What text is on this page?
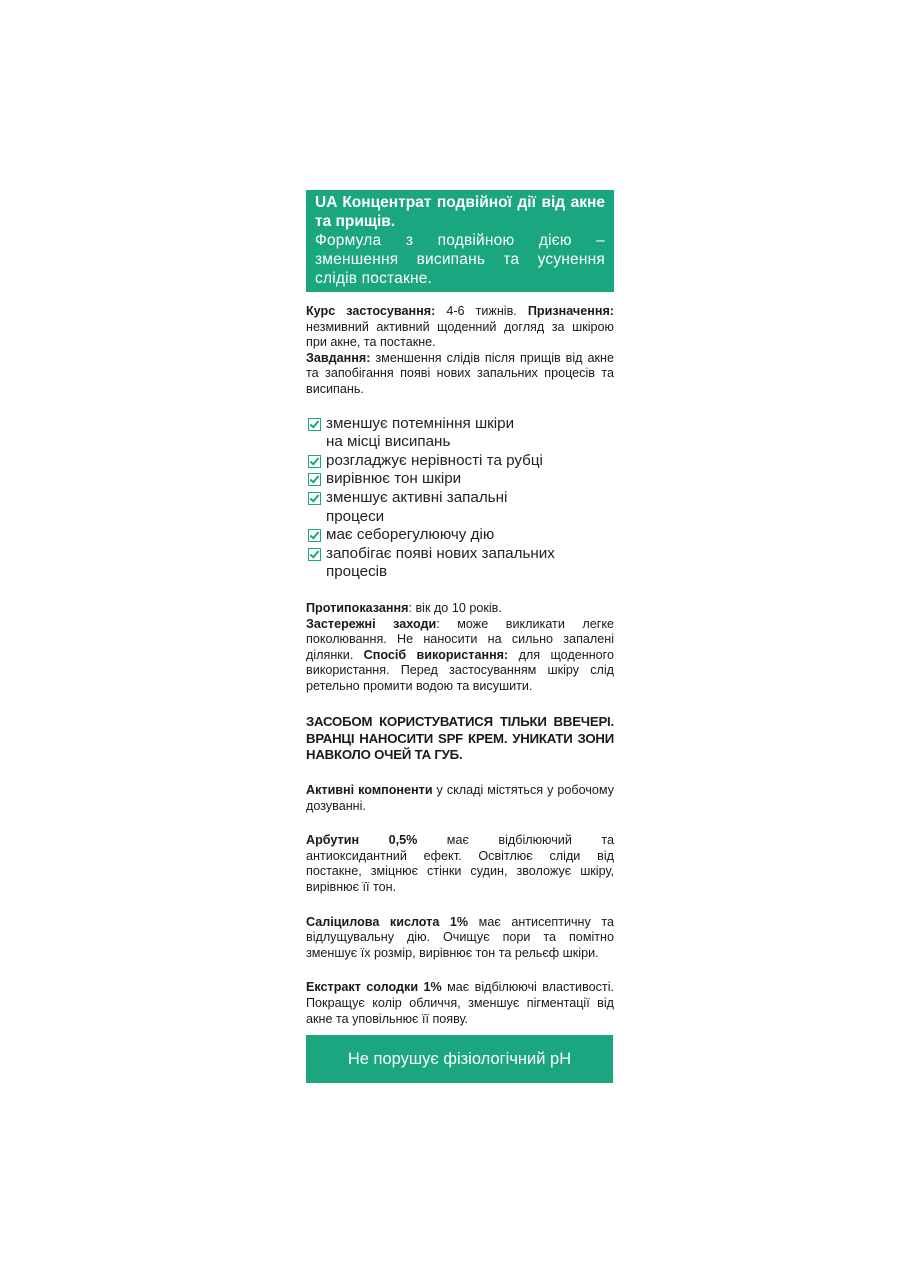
UA Концентрат подвійної дії від акне та прищів.
Формула з подвійною дією – зменшення висипань та усунення слідів постакне.

Курс застосування: 4-6 тижнів. Призначення: незмивний активний щоденний догляд за шкірою при акне, та постакне.

Завдання: зменшення слідів після прищів від акне та запобігання появі нових запальних процесів та висипань.

зменшує потемніння шкіри на місці висипань
розгладжує нерівності та рубці
вирівнює тон шкіри
зменшує активні запальні процеси
має себорегулюючу дію
запобігає появі нових запальних процесів

Протипоказання: вік до 10 років.

Застережні заходи: може викликати легке поколювання. Не наносити на сильно запалені ділянки. Спосіб використання: для щоденного використання. Перед застосуванням шкіру слід ретельно промити водою та висушити.

ЗАСОБОМ КОРИСТУВАТИСЯ ТІЛЬКИ ВВЕЧЕРІ. ВРАНЦІ НАНОСИТИ SPF КРЕМ. УНИКАТИ ЗОНИ НАВКОЛО ОЧЕЙ ТА ГУБ.

Активні компоненти у складі містяться у робочому дозуванні.

Арбутин 0,5% має відбілюючий та антиоксидантний ефект. Освітлює сліди від постакне, зміцнює стінки судин, зволожує шкіру, вирівнює її тон.

Саліцилова кислота 1% має антисептичну та відлущувальну дію. Очищує пори та помітно зменшує їх розмір, вирівнює тон та рельєф шкіри.

Екстракт солодки 1% має відбілюючі властивості. Покращує колір обличчя, зменшує пігментації від акне та уповільнює її появу.

Не порушує фізіологічний pH
